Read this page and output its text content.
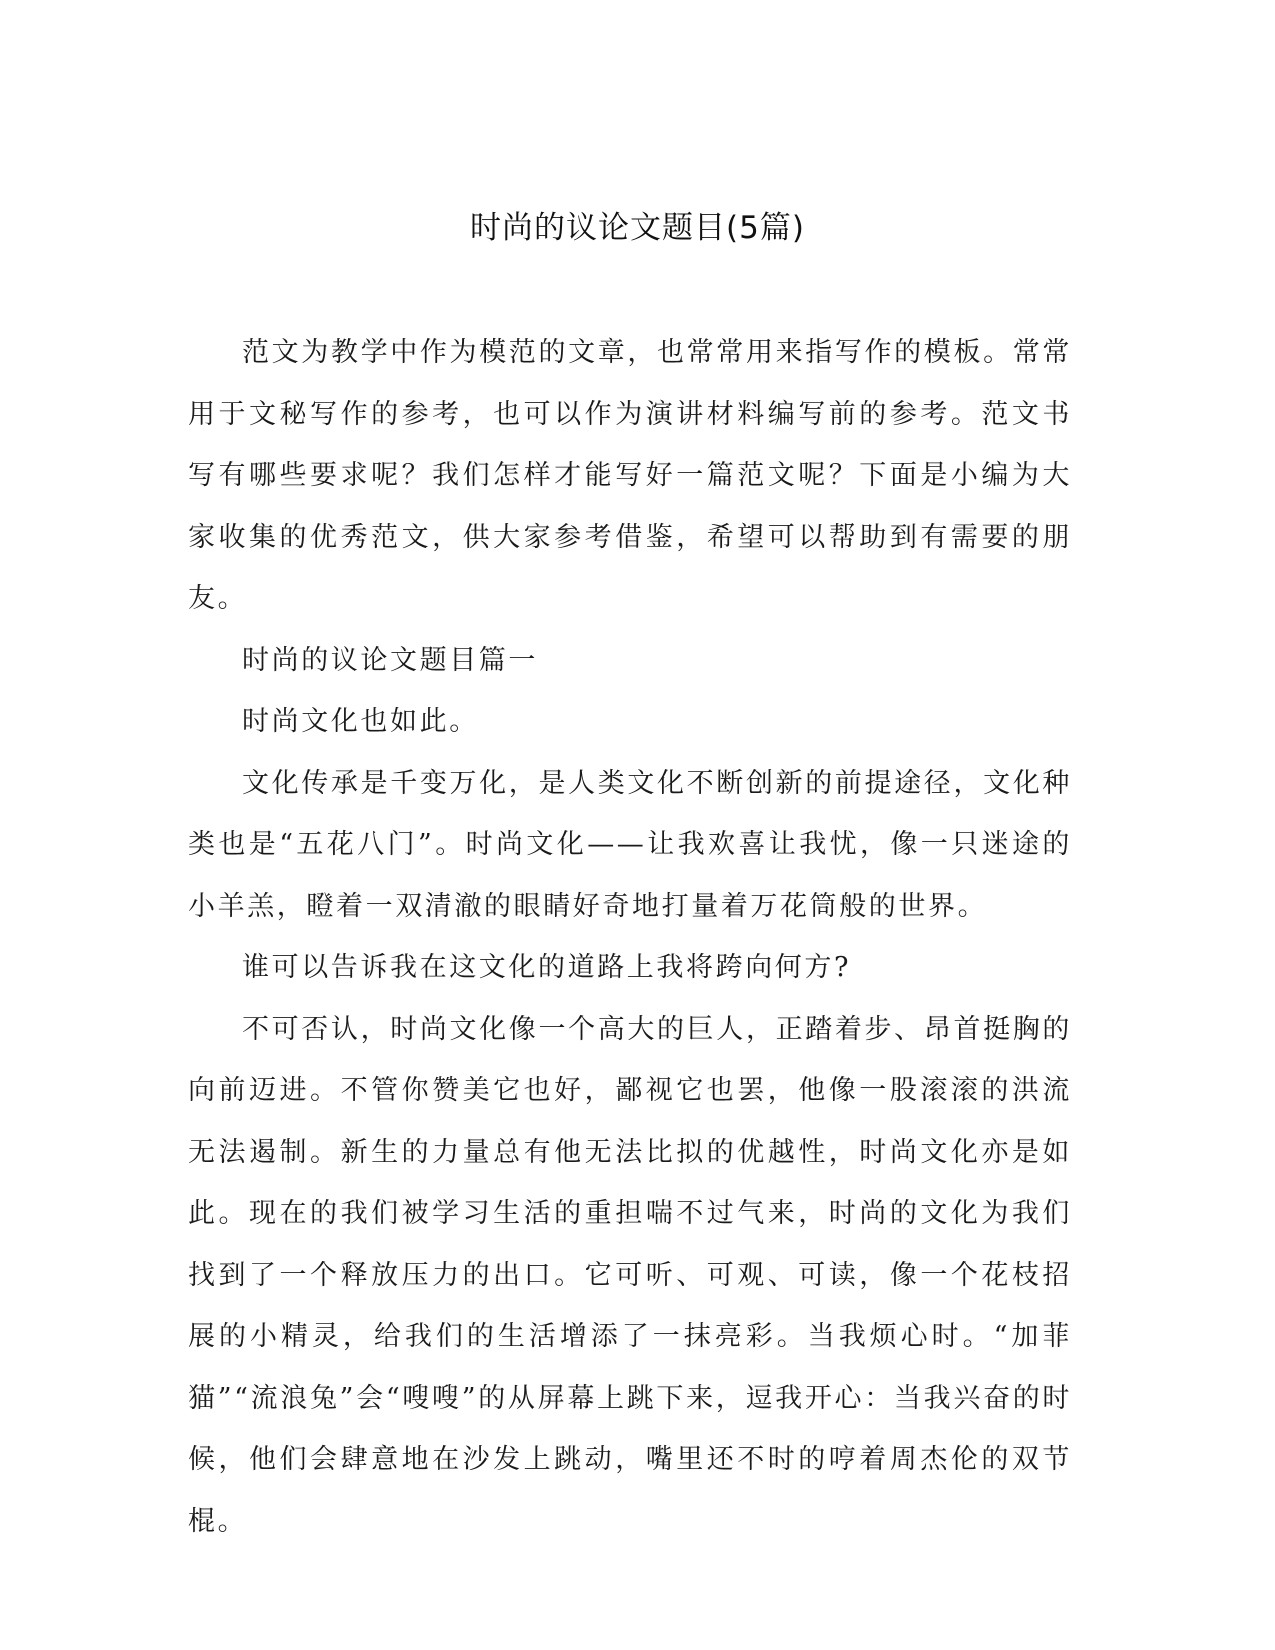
时尚的议论文题目(5篇)

范文为教学中作为模范的文章，也常常用来指写作的模板。常常用于文秘写作的参考，也可以作为演讲材料编写前的参考。范文书写有哪些要求呢？我们怎样才能写好一篇范文呢？下面是小编为大家收集的优秀范文，供大家参考借鉴，希望可以帮助到有需要的朋友。

时尚的议论文题目篇一

时尚文化也如此。

文化传承是千变万化，是人类文化不断创新的前提途径，文化种类也是“五花八门”。时尚文化——让我欢喜让我忧，像一只迷途的小羊羔，瞪着一双清澈的眼睛好奇地打量着万花筒般的世界。

谁可以告诉我在这文化的道路上我将跨向何方?

不可否认，时尚文化像一个高大的巨人，正踏着步、昂首挺胸的向前迈进。不管你赞美它也好，鄙视它也罢，他像一股滚滚的洪流无法遏制。新生的力量总有他无法比拟的优越性，时尚文化亦是如此。现在的我们被学习生活的重担喘不过气来，时尚的文化为我们找到了一个释放压力的出口。它可听、可观、可读，像一个花枝招展的小精灵，给我们的生活增添了一抹亮彩。当我烦心时。“加菲猫”“流浪兔”会“嗖嗖”的从屏幕上跳下来，逗我开心：当我兴奋的时候，他们会肆意地在沙发上跳动，嘴里还不时的哼着周杰伦的双节棍。
